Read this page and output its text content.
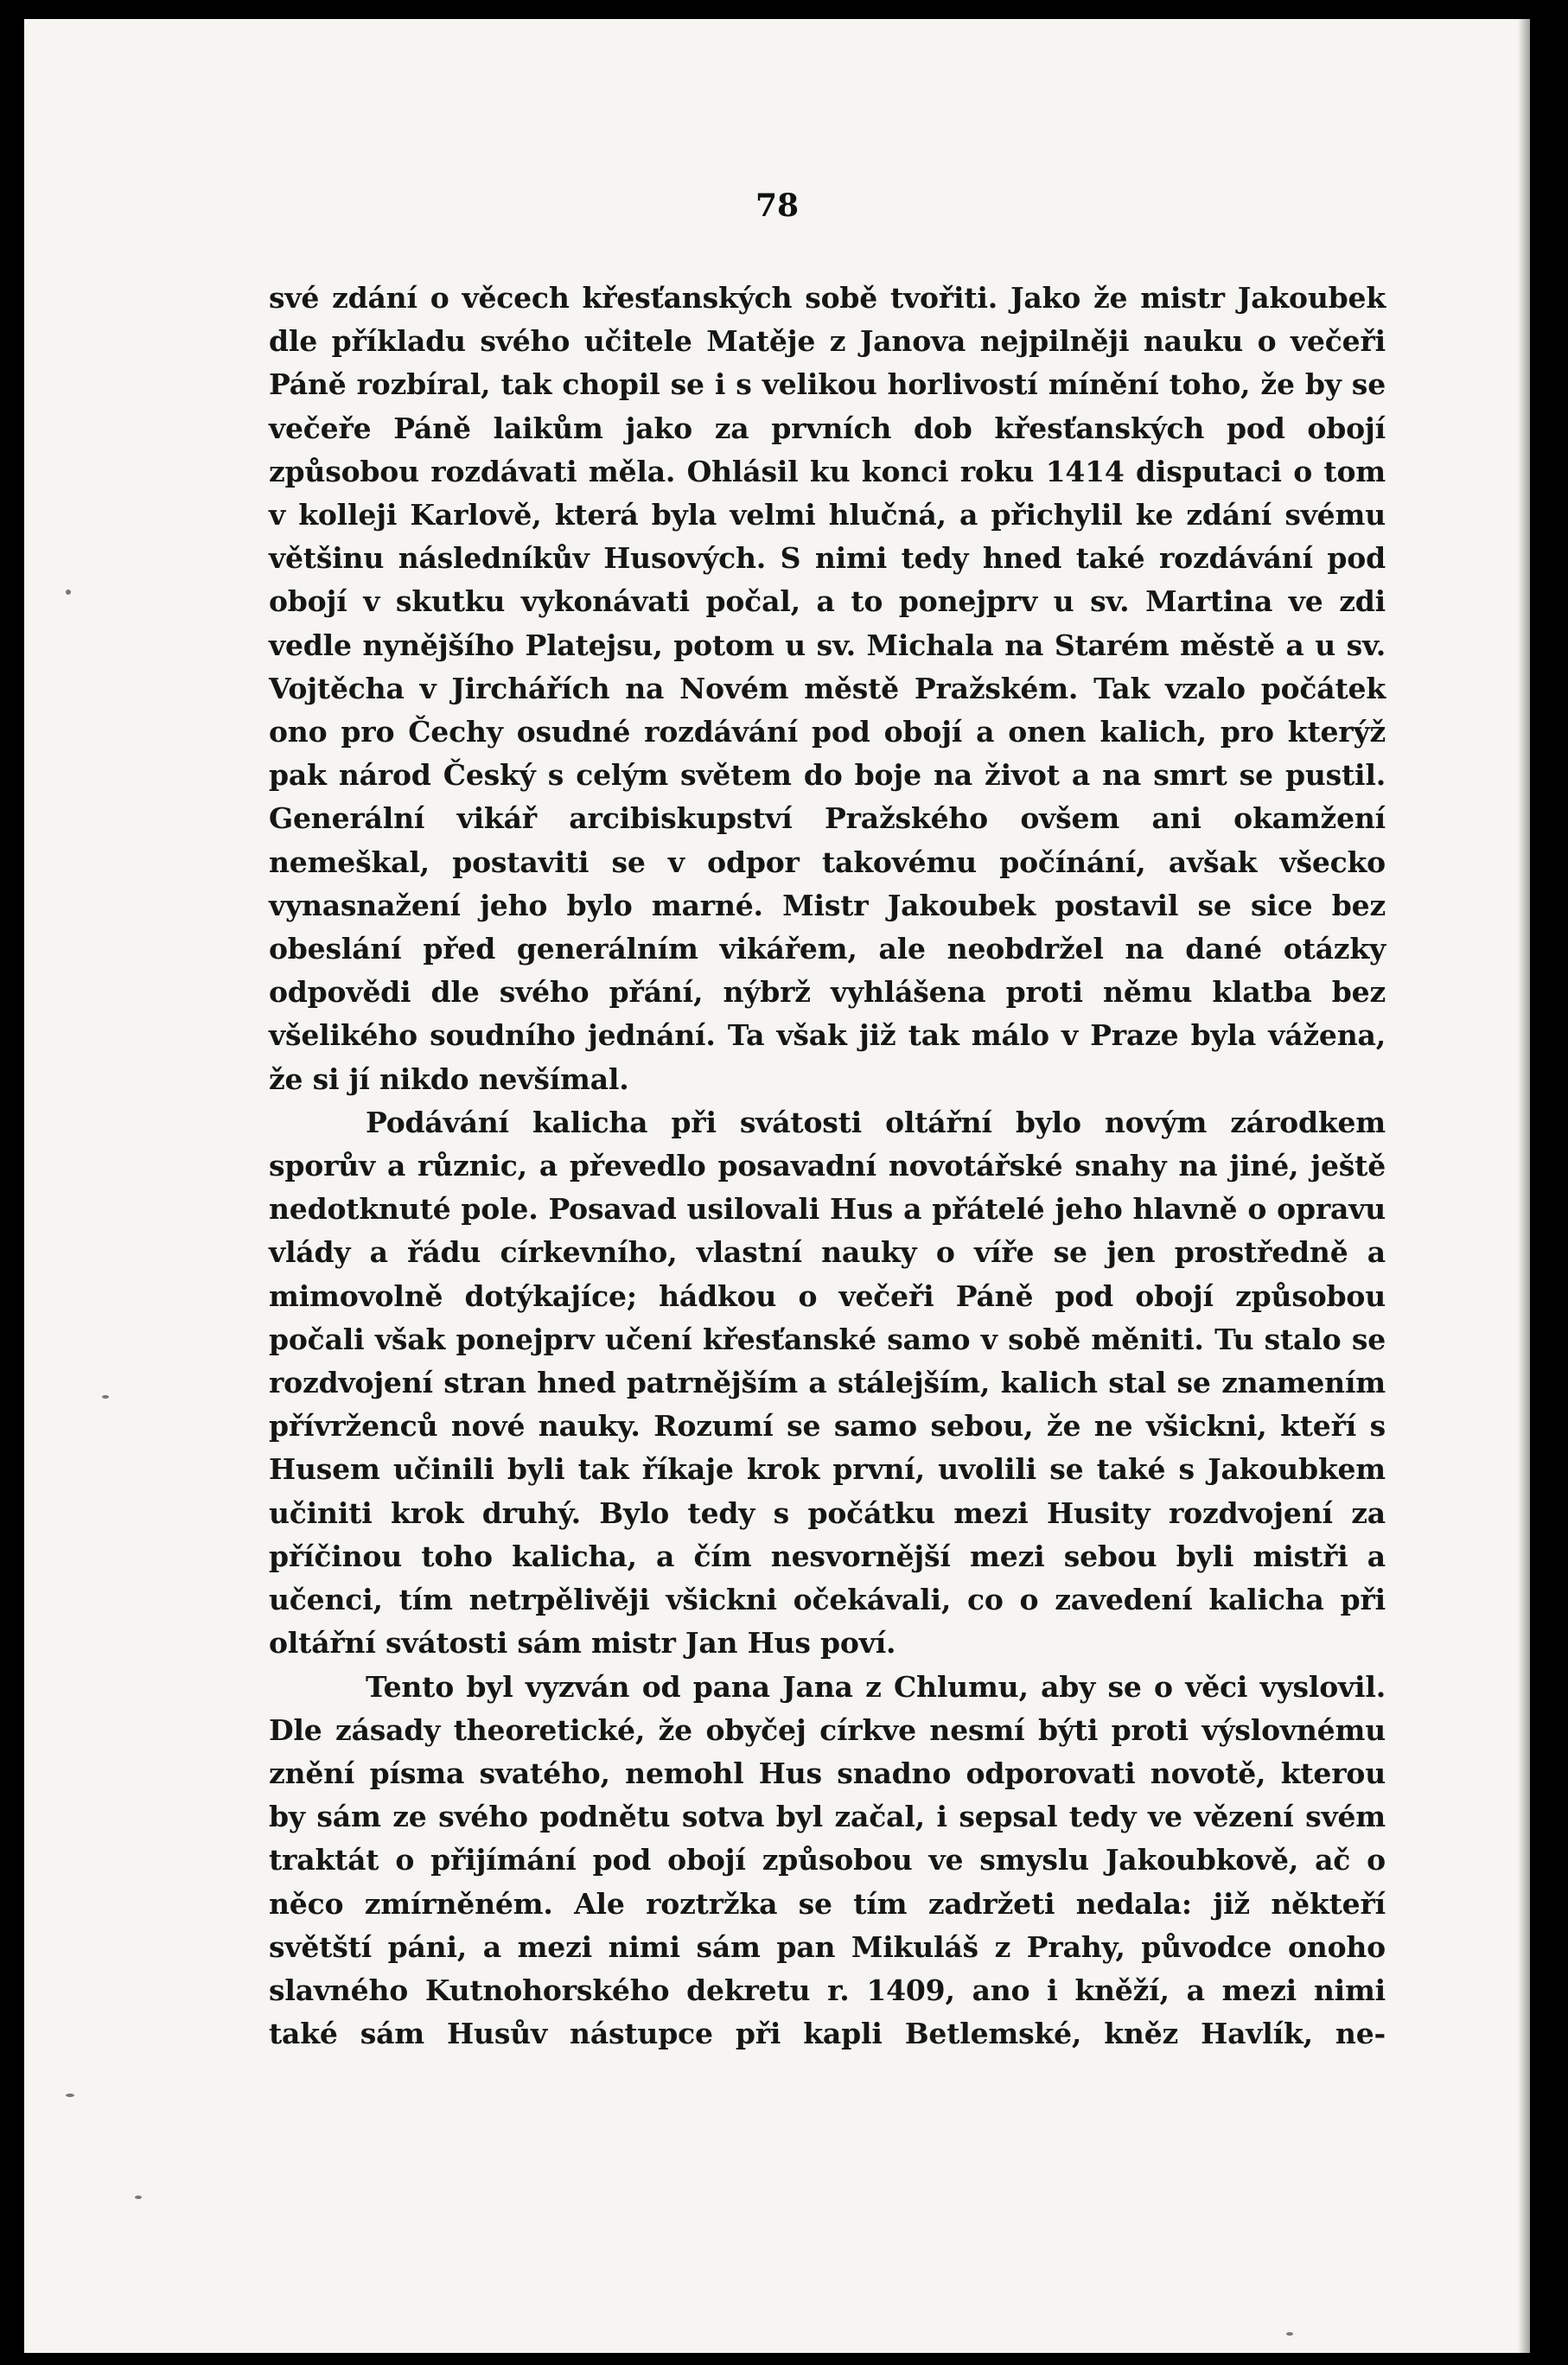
78

své zdání o věcech křesťanských sobě tvořiti. Jako že mistr Jakoubek dle příkladu svého učitele Matěje z Janova nejpilněji nauku o večeři Páně rozbíral, tak chopil se i s velikou horlivostí mínění toho, že by se večeře Páně laikům jako za prvních dob křesťanských pod obojí způsobou rozdávati měla. Ohlásil ku konci roku 1414 disputaci o tom v kolleji Karlově, která byla velmi hlučná, a přichylil ke zdání svému většinu následníkův Husových. S nimi tedy hned také rozdávání pod obojí v skutku vykonávati počal, a to ponejprv u sv. Martina ve zdi vedle nynějšího Platejsu, potom u sv. Michala na Starém městě a u sv. Vojtěcha v Jirchářích na Novém městě Pražském. Tak vzalo počátek ono pro Čechy osudné rozdávání pod obojí a onen kalich, pro kterýž pak národ Český s celým světem do boje na život a na smrt se pustil. Generální vikář arcibiskupství Pražského ovšem ani okamžení nemeškal, postaviti se v odpor takovému počínání, avšak všecko vynasnažení jeho bylo marné. Mistr Jakoubek postavil se sice bez obeslání před generálním vikářem, ale neobdržel na dané otázky odpovědi dle svého přání, nýbrž vyhlášena proti němu klatba bez všelikého soudního jednání. Ta však již tak málo v Praze byla vážena, že si jí nikdo nevšímal.

Podávání kalicha při svátosti oltářní bylo novým zárodkem sporův a různic, a převedlo posavadní novotářské snahy na jiné, ještě nedotknuté pole. Posavad usilovali Hus a přátelé jeho hlavně o opravu vlády a řádu církevního, vlastní nauky o víře se jen prostředně a mimovolně dotýkajíce; hádkou o večeři Páně pod obojí způsobou počali však ponejprv učení křesťanské samo v sobě měniti. Tu stalo se rozdvojení stran hned patrnějším a stálejším, kalich stal se znamením přívrženců nové nauky. Rozumí se samo sebou, že ne všickni, kteří s Husem učinili byli tak říkaje krok první, uvolili se také s Jakoubkem učiniti krok druhý. Bylo tedy s počátku mezi Husity rozdvojení za příčinou toho kalicha, a čím nesvornější mezi sebou byli mistři a učenci, tím netrpělivěji všickni očekávali, co o zavedení kalicha při oltářní svátosti sám mistr Jan Hus poví.

Tento byl vyzván od pana Jana z Chlumu, aby se o věci vyslovil. Dle zásady theoretické, že obyčej církve nesmí býti proti výslovnému znění písma svatého, nemohl Hus snadno odporovati novotě, kterou by sám ze svého podnětu sotva byl začal, i sepsal tedy ve vězení svém traktát o přijímání pod obojí způsobou ve smyslu Jakoubkově, ač o něco zmírněném. Ale roztržka se tím zadržeti nedala: již někteří světští páni, a mezi nimi sám pan Mikuláš z Prahy, původce onoho slavného Kutnohorského dekretu r. 1409, ano i kněží, a mezi nimi také sám Husův nástupce při kapli Betlemské, kněz Havlík, ne-
